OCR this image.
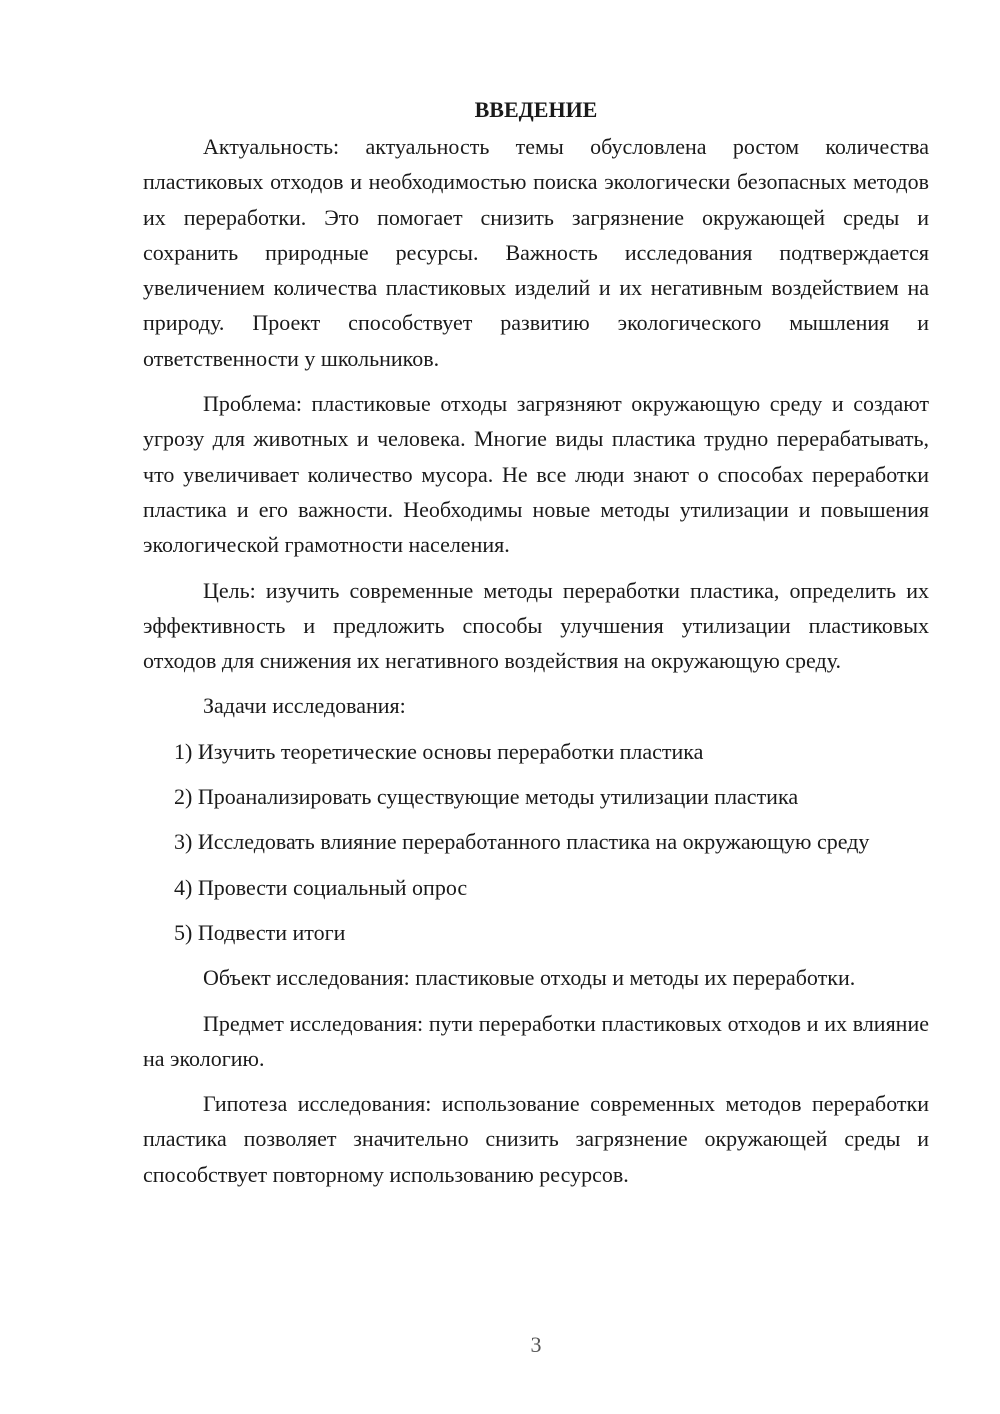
ВВЕДЕНИЕ

Актуальность: актуальность темы обусловлена ростом количества пластиковых отходов и необходимостью поиска экологически безопасных методов их переработки. Это помогает снизить загрязнение окружающей среды и сохранить природные ресурсы. Важность исследования подтверждается увеличением количества пластиковых изделий и их негативным воздействием на природу. Проект способствует развитию экологического мышления и ответственности у школьников.

Проблема: пластиковые отходы загрязняют окружающую среду и создают угрозу для животных и человека. Многие виды пластика трудно перерабатывать, что увеличивает количество мусора. Не все люди знают о способах переработки пластика и его важности. Необходимы новые методы утилизации и повышения экологической грамотности населения.

Цель: изучить современные методы переработки пластика, определить их эффективность и предложить способы улучшения утилизации пластиковых отходов для снижения их негативного воздействия на окружающую среду.

Задачи исследования:

1) Изучить теоретические основы переработки пластика

2) Проанализировать существующие методы утилизации пластика

3) Исследовать влияние переработанного пластика на окружающую среду

4) Провести социальный опрос

5) Подвести итоги

Объект исследования: пластиковые отходы и методы их переработки.

Предмет исследования: пути переработки пластиковых отходов и их влияние на экологию.

Гипотеза исследования: использование современных методов переработки пластика позволяет значительно снизить загрязнение окружающей среды и способствует повторному использованию ресурсов.

3
